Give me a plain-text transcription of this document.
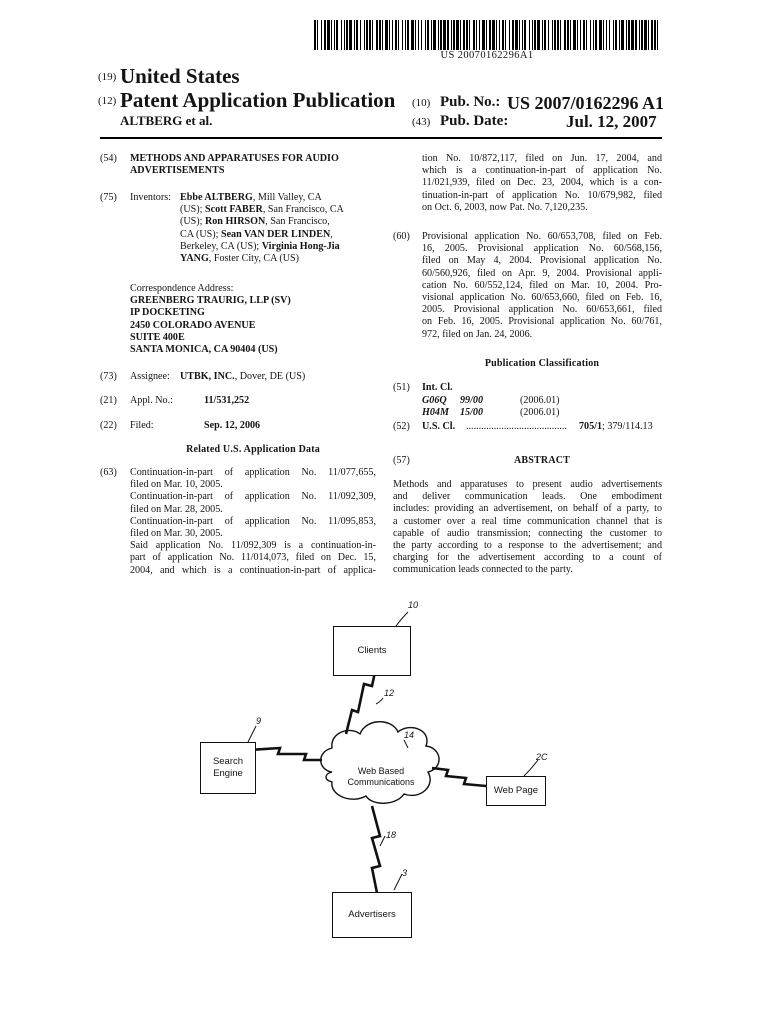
US 20070162296A1
(19) United States
(12) Patent Application Publication
ALTBERG et al.
(10) Pub. No.: US 2007/0162296 A1
(43) Pub. Date:	Jul. 12, 2007
(54) METHODS AND APPARATUSES FOR AUDIO
ADVERTISEMENTS
(75) Inventors: Ebbe ALTBERG, Mill Valley, CA
(US); Scott FABER, San Francisco, CA
(US); Ron HIRSON, San Francisco,
CA (US); Sean VAN DER LINDEN,
Berkeley, CA (US); Virginia Hong-Jia
YANG, Foster City, CA (US)
Correspondence Address:
GREENBERG TRAURIG, LLP (SV)
IP DOCKETING
2450 COLORADO AVENUE
SUITE 400E
SANTA MONICA, CA 90404 (US)
(73) Assignee: UTBK, INC., Dover, DE (US)
(21) Appl. No.:	11/531,252
(22) Filed:	Sep. 12, 2006
Related U.S. Application Data
(63) Continuation-in-part of application No. 11/077,655,
filed on Mar. 10, 2005.
Continuation-in-part of application No. 11/092,309,
filed on Mar. 28, 2005.
Continuation-in-part of application No. 11/095,853,
filed on Mar. 30, 2005.
Said application No. 11/092,309 is a continuation-in-
part of application No. 11/014,073, filed on Dec. 15,
2004, and which is a continuation-in-part of applica-
tion No. 10/872,117, filed on Jun. 17, 2004, and
which is a continuation-in-part of application No.
11/021,939, filed on Dec. 23, 2004, which is a con-
tinuation-in-part of application No. 10/679,982, filed
on Oct. 6, 2003, now Pat. No. 7,120,235.
(60) Provisional application No. 60/653,708, filed on Feb.
16, 2005. Provisional application No. 60/568,156,
filed on May 4, 2004. Provisional application No.
60/560,926, filed on Apr. 9, 2004. Provisional appli-
cation No. 60/552,124, filed on Mar. 10, 2004. Pro-
visional application No. 60/653,660, filed on Feb. 16,
2005. Provisional application No. 60/653,661, filed
on Feb. 16, 2005. Provisional application No. 60/761,
972, filed on Jan. 24, 2006.
Publication Classification
(51) Int. Cl.
G06Q 99/00	(2006.01)
H04M 15/00	(2006.01)
(52) U.S. Cl. ........................................	705/1; 379/114.13
(57)	ABSTRACT
Methods and apparatuses to present audio advertisements
and deliver communication leads. One embodiment
includes: providing an advertisement, on behalf of a party, to
a customer over a real time communication channel that is
capable of audio transmission; connecting the customer to
the party according to a response to the advertisement; and
charging for the advertisement according to a count of
communication leads connected to the party.
10
Clients
12
14
Web Based
Communications
9
Search
Engine
2C
Web Page
18
3
Advertisers
